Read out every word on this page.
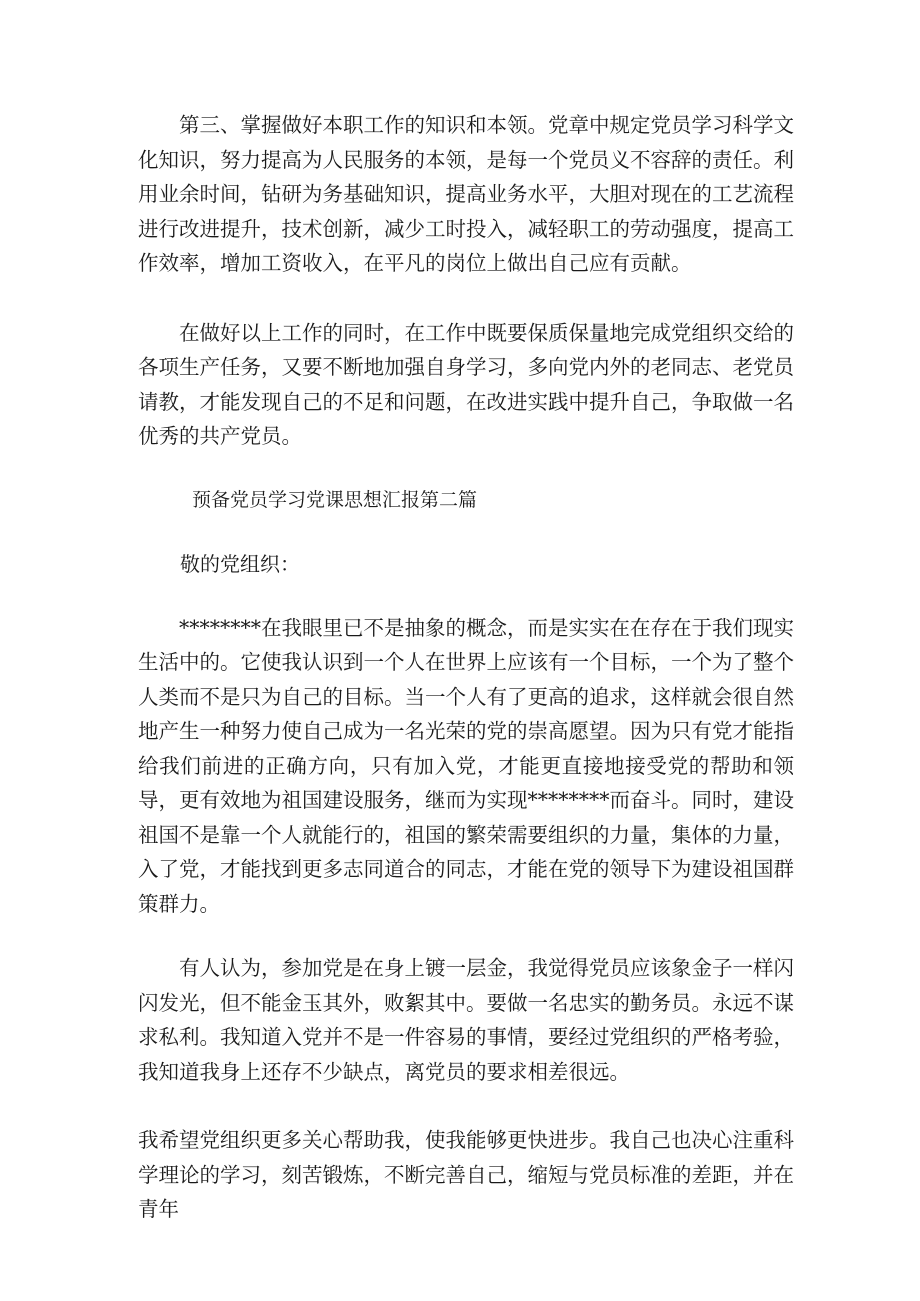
第三、掌握做好本职工作的知识和本领。党章中规定党员学习科学文化知识，努力提高为人民服务的本领，是每一个党员义不容辞的责任。利用业余时间，钻研为务基础知识，提高业务水平，大胆对现在的工艺流程进行改进提升，技术创新，减少工时投入，减轻职工的劳动强度，提高工作效率，增加工资收入，在平凡的岗位上做出自己应有贡献。

在做好以上工作的同时，在工作中既要保质保量地完成党组织交给的各项生产任务，又要不断地加强自身学习，多向党内外的老同志、老党员请教，才能发现自己的不足和问题，在改进实践中提升自己，争取做一名优秀的共产党员。

预备党员学习党课思想汇报第二篇

敬的党组织：

********在我眼里已不是抽象的概念，而是实实在在存在于我们现实生活中的。它使我认识到一个人在世界上应该有一个目标，一个为了整个人类而不是只为自己的目标。当一个人有了更高的追求，这样就会很自然地产生一种努力使自己成为一名光荣的党的崇高愿望。因为只有党才能指给我们前进的正确方向，只有加入党，才能更直接地接受党的帮助和领导，更有效地为祖国建设服务，继而为实现********而奋斗。同时，建设祖国不是靠一个人就能行的，祖国的繁荣需要组织的力量，集体的力量，入了党，才能找到更多志同道合的同志，才能在党的领导下为建设祖国群策群力。

有人认为，参加党是在身上镀一层金，我觉得党员应该象金子一样闪闪发光，但不能金玉其外，败絮其中。要做一名忠实的勤务员。永远不谋求私利。我知道入党并不是一件容易的事情，要经过党组织的严格考验，我知道我身上还存不少缺点，离党员的要求相差很远。

我希望党组织更多关心帮助我，使我能够更快进步。我自己也决心注重科学理论的学习，刻苦锻炼，不断完善自己，缩短与党员标准的差距，并在青年
